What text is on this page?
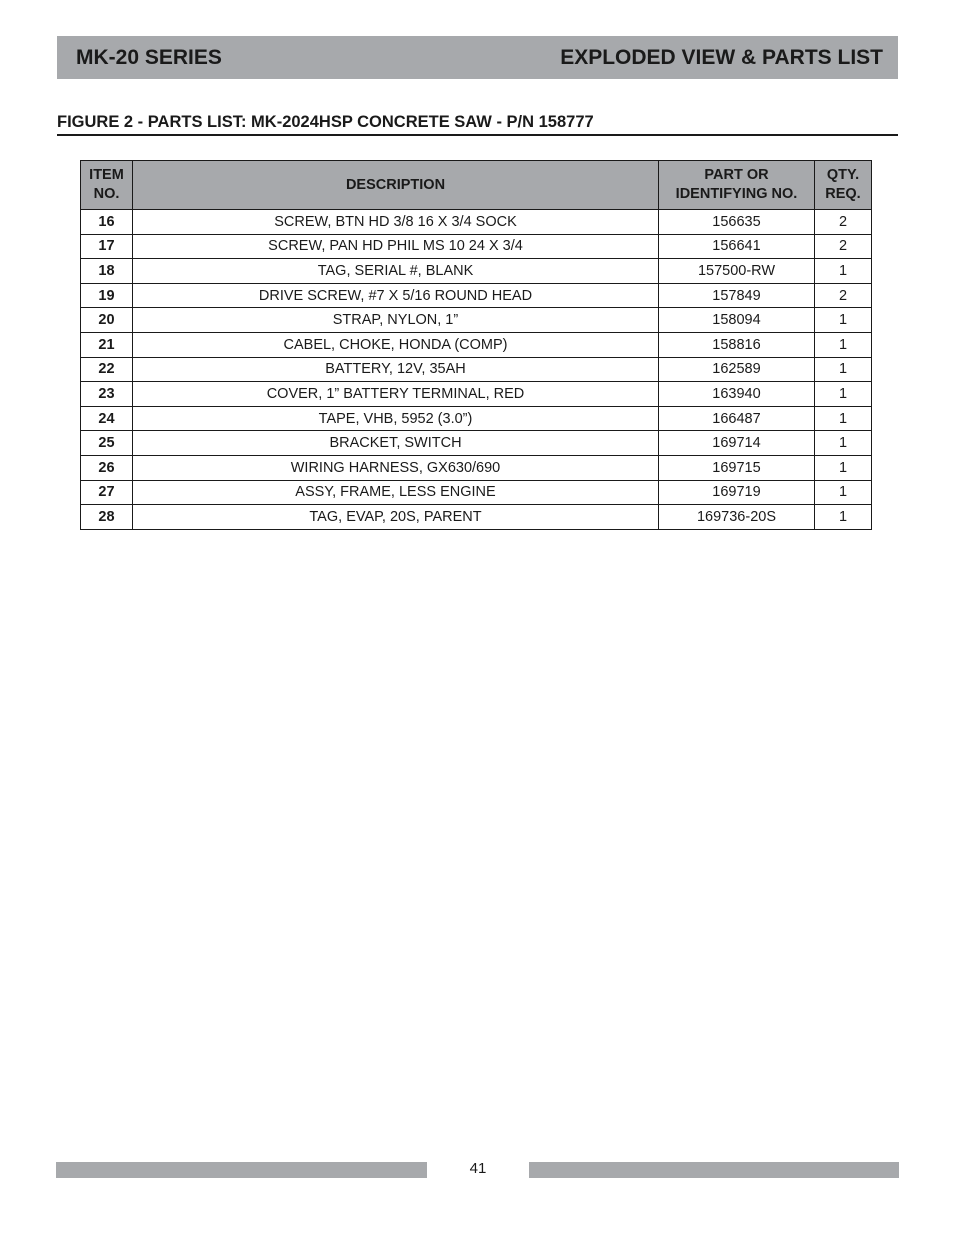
MK-20 SERIES	EXPLODED VIEW & PARTS LIST
FIGURE 2 - PARTS LIST: MK-2024HSP CONCRETE SAW - P/N 158777
ITEM NO.	DESCRIPTION	PART OR IDENTIFYING NO.	QTY. REQ.
16	SCREW, BTN HD 3/8 16 X 3/4 SOCK	156635	2
17	SCREW, PAN HD PHIL MS 10 24 X 3/4	156641	2
18	TAG, SERIAL #, BLANK	157500-RW	1
19	DRIVE SCREW, #7 X 5/16 ROUND HEAD	157849	2
20	STRAP, NYLON, 1”	158094	1
21	CABEL, CHOKE, HONDA (COMP)	158816	1
22	BATTERY, 12V, 35AH	162589	1
23	COVER, 1” BATTERY TERMINAL, RED	163940	1
24	TAPE, VHB, 5952 (3.0”)	166487	1
25	BRACKET, SWITCH	169714	1
26	WIRING HARNESS, GX630/690	169715	1
27	ASSY, FRAME, LESS ENGINE	169719	1
28	TAG, EVAP, 20S, PARENT	169736-20S	1
41
